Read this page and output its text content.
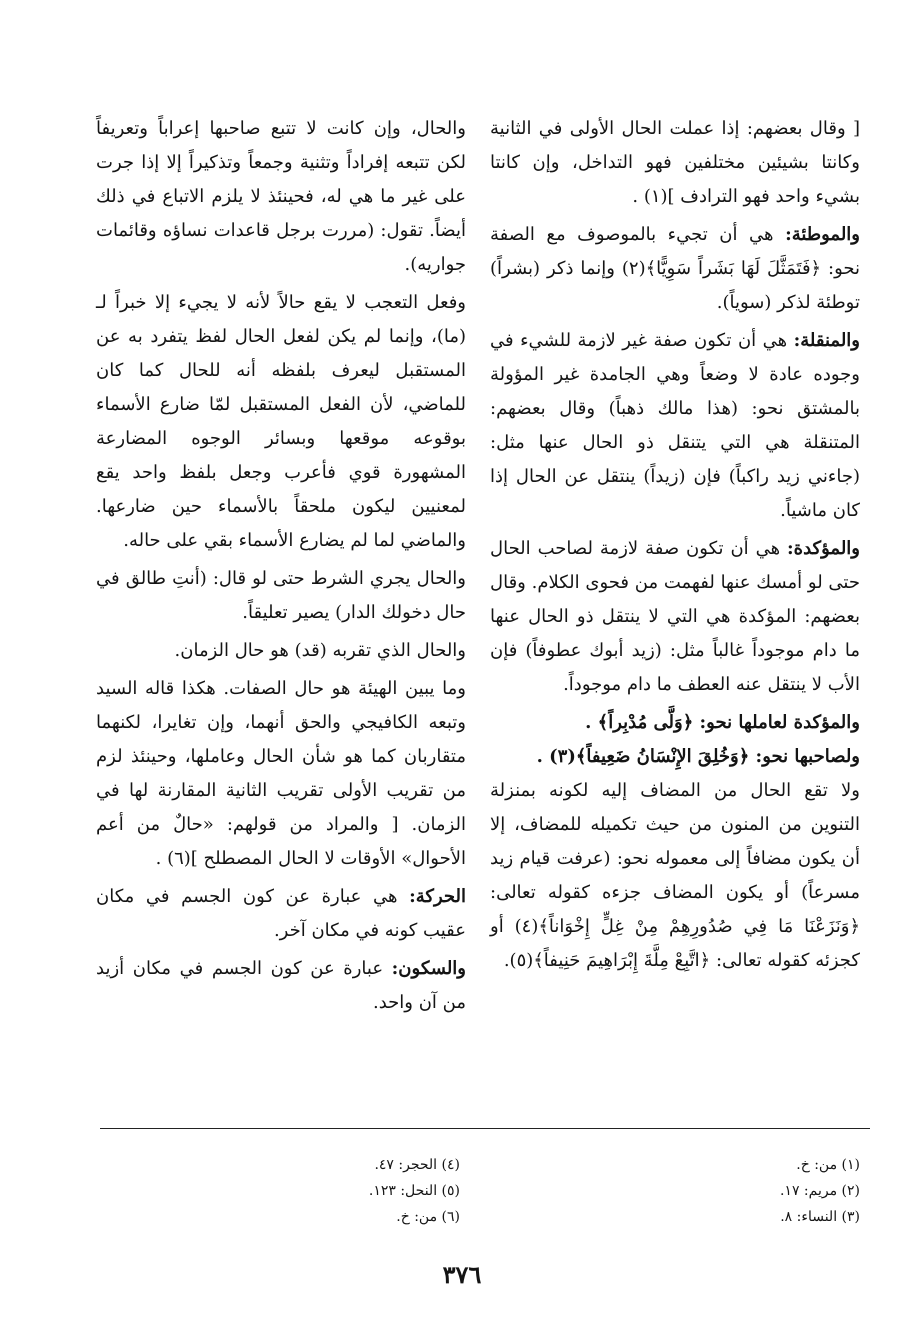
[ وقال بعضهم: إذا عملت الحال الأولى في الثانية وكانتا بشيئين مختلفين فهو التداخل، وإن كانتا بشيء واحد فهو الترادف ](١) .

والموطئة: هي أن تجيء بالموصوف مع الصفة نحو: ﴿فَتَمَثَّلَ لَهَا بَشَراً سَوِيًّا﴾(٢) وإنما ذكر (بشراً) توطئة لذكر (سوياً).

والمنقلة: هي أن تكون صفة غير لازمة للشيء في وجوده عادة لا وضعاً وهي الجامدة غير المؤولة بالمشتق نحو: (هذا مالك ذهباً) وقال بعضهم: المتنقلة هي التي يتنقل ذو الحال عنها مثل: (جاءني زيد راكباً) فإن (زيداً) ينتقل عن الحال إذا كان ماشياً.

والمؤكدة: هي أن تكون صفة لازمة لصاحب الحال حتى لو أمسك عنها لفهمت من فحوى الكلام. وقال بعضهم: المؤكدة هي التي لا ينتقل ذو الحال عنها ما دام موجوداً غالباً مثل: (زيد أبوك عطوفاً) فإن الأب لا ينتقل عنه العطف ما دام موجوداً.

والمؤكدة لعاملها نحو: ﴿وَلَّى مُدْبِراً﴾ .

ولصاحبها نحو: ﴿وَخُلِقَ الإِنْسَانُ ضَعِيفاً﴾(٣) .

ولا تقع الحال من المضاف إليه لكونه بمنزلة التنوين من المنون من حيث تكميله للمضاف، إلا أن يكون مضافاً إلى معموله نحو: (عرفت قيام زيد مسرعاً) أو يكون المضاف جزءه كقوله تعالى: ﴿وَنَزَعْنَا مَا فِي صُدُورِهِمْ مِنْ غِلٍّ إِخْوَاناً﴾(٤) أو كجزئه كقوله تعالى: ﴿اتَّبِعْ مِلَّةَ إِبْرَاهِيمَ حَنِيفاً﴾(٥).

والحال، وإن كانت لا تتبع صاحبها إعراباً وتعريفاً لكن تتبعه إفراداً وتثنية وجمعاً وتذكيراً إلا إذا جرت على غير ما هي له، فحينئذ لا يلزم الاتباع في ذلك أيضاً. تقول: (مررت برجل قاعدات نساؤه وقائمات جواريه).

وفعل التعجب لا يقع حالاً لأنه لا يجيء إلا خبراً لـ (ما)، وإنما لم يكن لفعل الحال لفظ يتفرد به عن المستقبل ليعرف بلفظه أنه للحال كما كان للماضي، لأن الفعل المستقبل لمّا ضارع الأسماء بوقوعه موقعها وبسائر الوجوه المضارعة المشهورة قوي فأعرب وجعل بلفظ واحد يقع لمعنيين ليكون ملحقاً بالأسماء حين ضارعها. والماضي لما لم يضارع الأسماء بقي على حاله.

والحال يجري الشرط حتى لو قال: (أنتِ طالق في حال دخولك الدار) يصير تعليقاً.

والحال الذي تقربه (قد) هو حال الزمان.

وما يبين الهيئة هو حال الصفات. هكذا قاله السيد وتبعه الكافيجي والحق أنهما، وإن تغايرا، لكنهما متقاربان كما هو شأن الحال وعاملها، وحينئذ لزم من تقريب الأولى تقريب الثانية المقارنة لها في الزمان. [ والمراد من قولهم: «حالٌ من أعم الأحوال» الأوقات لا الحال المصطلح ](٦) .

الحركة: هي عبارة عن كون الجسم في مكان عقيب كونه في مكان آخر.

والسكون: عبارة عن كون الجسم في مكان أزيد من آن واحد.

(١) من: خ.
(٢) مريم: ١٧.
(٣) النساء: ٨.
(٤) الحجر: ٤٧.
(٥) النحل: ١٢٣.
(٦) من: خ.
٣٧٦
